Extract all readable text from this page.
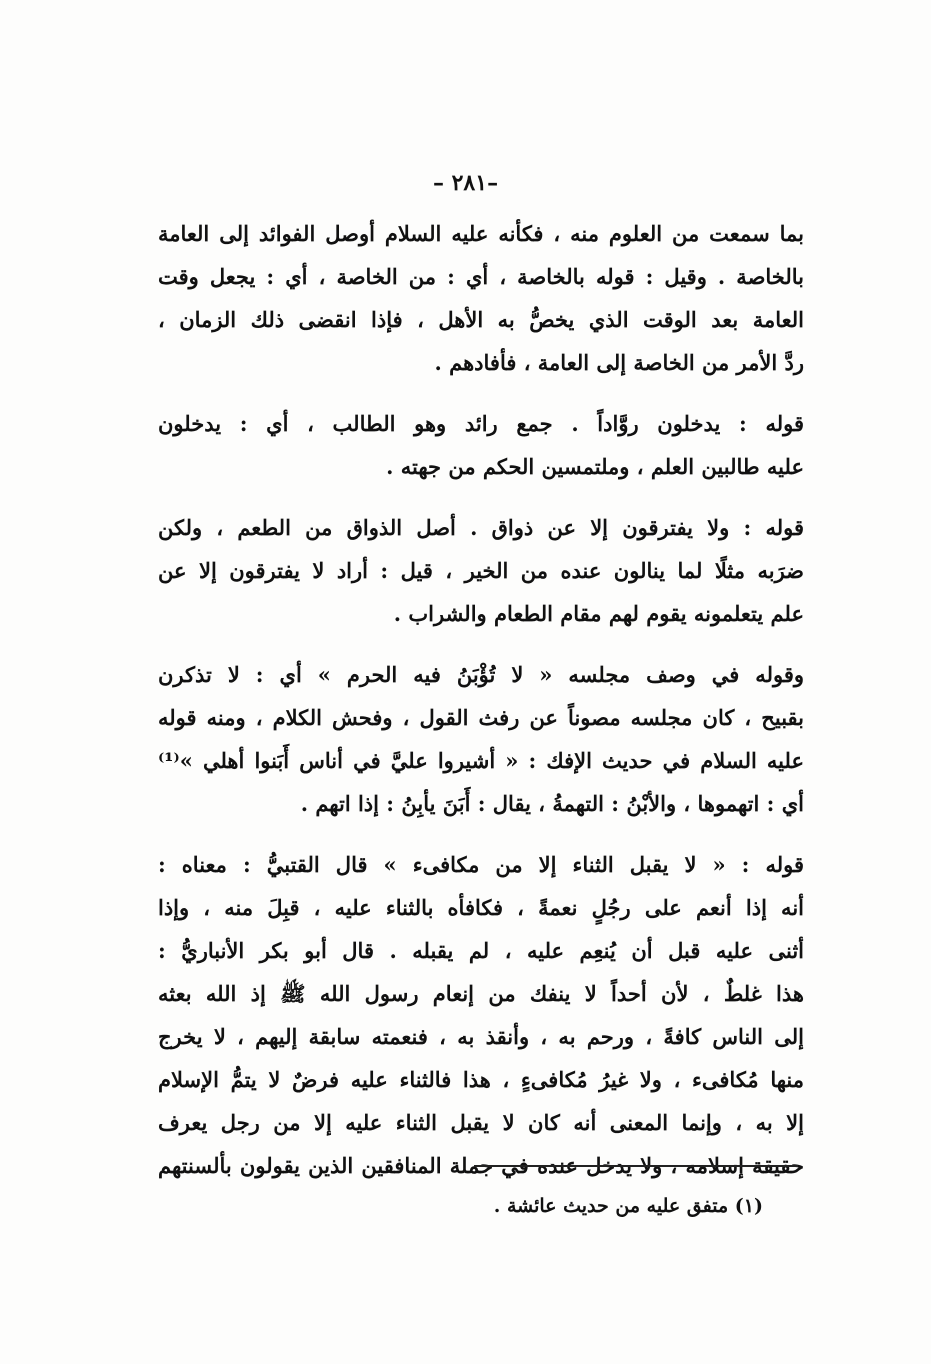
–٢٨١ –
بما سمعت من العلوم منه ، فكأنه عليه السلام أوصل الفوائد إلى العامة
بالخاصة . وقيل : قوله بالخاصة ، أي : من الخاصة ، أي : يجعل وقت
العامة بعد الوقت الذي يخصُّ به الأهل ، فإذا انقضى ذلك الزمان ،
ردَّ الأمر من الخاصة إلى العامة ، فأفادهم .
قوله : يدخلون روَّاداً . جمع رائد وهو الطالب ، أي : يدخلون
عليه طالبين العلم ، وملتمسين الحكم من جهته .
قوله : ولا يفترقون إلا عن ذواق . أصل الذواق من الطعم ، ولكن
ضرَبه مثلًا لما ينالون عنده من الخير ، قيل : أراد لا يفترقون إلا عن
علم يتعلمونه يقوم لهم مقام الطعام والشراب .
وقوله في وصف مجلسه « لا تُؤْبَنُ فيه الحرم » أي : لا تذكرن
بقبيح ، كان مجلسه مصوناً عن رفث القول ، وفحش الكلام ، ومنه قوله
عليه السلام في حديث الإفك : « أشيروا عليَّ في أناس أَبَنوا أهلي »⁽¹⁾
أي : اتهموها ، والأبْنُ : التهمةُ ، يقال : أَبَنَ يأبِنُ : إذا اتهم .
قوله : « لا يقبل الثناء إلا من مكافىء » قال القتبيُّ : معناه :
أنه إذا أنعم على رجُلٍ نعمةً ، فكافأه بالثناء عليه ، قبِلَ منه ، وإذا
أثنى عليه قبل أن يُنعِم عليه ، لم يقبله . قال أبو بكر الأنباريُّ :
هذا غلطٌ ، لأن أحداً لا ينفك من إنعام رسول الله ﷺ إذ الله بعثه
إلى الناس كافةً ، ورحم به ، وأنقذ به ، فنعمته سابقة إليهم ، لا يخرج
منها مُكافىء ، ولا غيرُ مُكافىءٍ ، هذا فالثناء عليه فرضٌ لا يتمُّ الإسلام
إلا به ، وإنما المعنى أنه كان لا يقبل الثناء عليه إلا من رجل يعرف
حقيقة إسلامه ، ولا يدخل عنده في جملة المنافقين الذين يقولون بألسنتهم
(١) متفق عليه من حديث عائشة .
